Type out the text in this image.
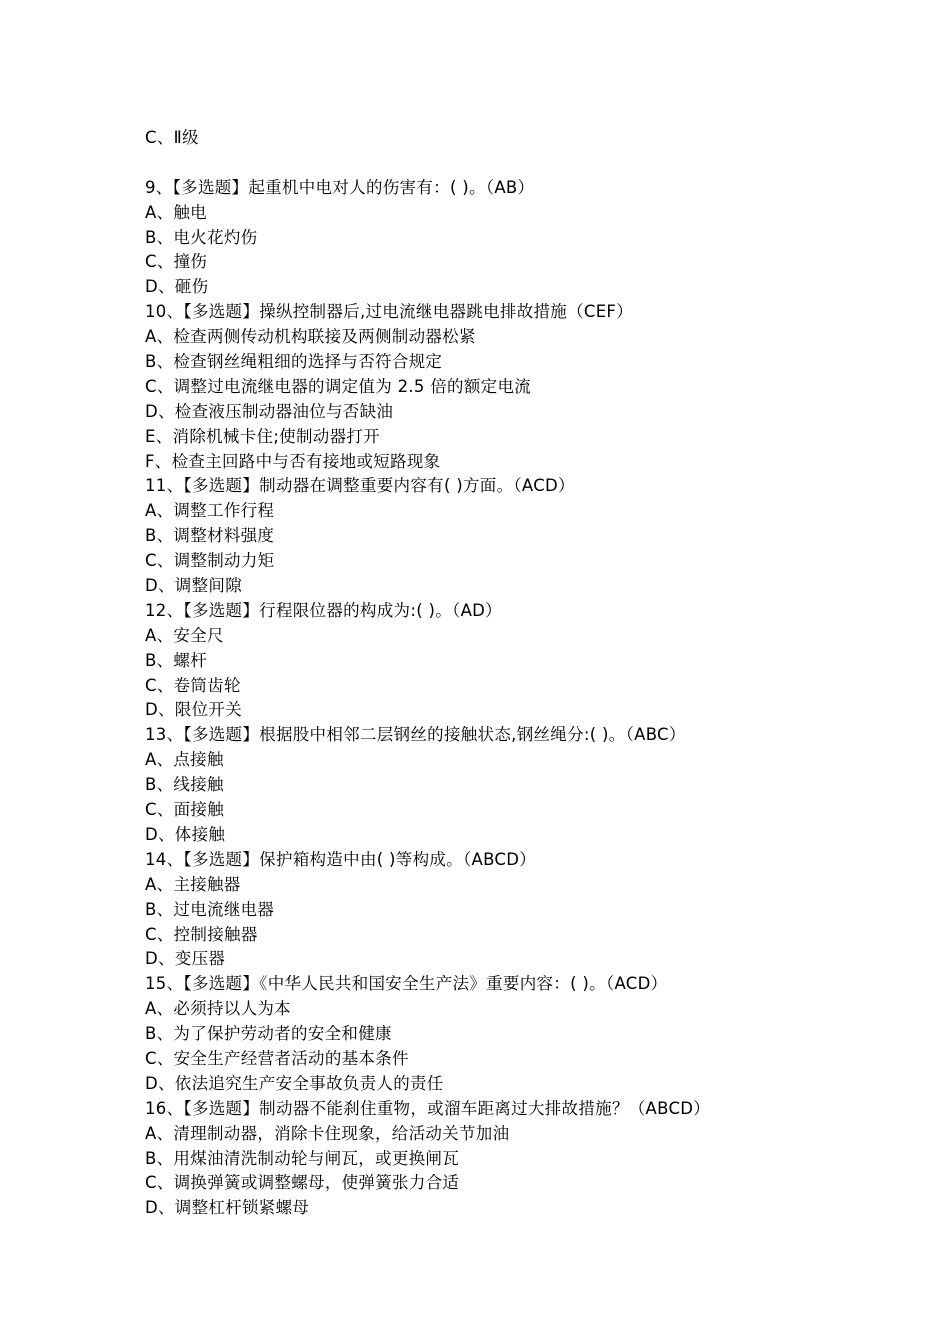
C、Ⅱ级
9、【多选题】起重机中电对人的伤害有：( )。（AB）
A、触电
B、电火花灼伤
C、撞伤
D、砸伤
10、【多选题】操纵控制器后,过电流继电器跳电排故措施（CEF）
A、检查两侧传动机构联接及两侧制动器松紧
B、检查钢丝绳粗细的选择与否符合规定
C、调整过电流继电器的调定值为 2.5 倍的额定电流
D、检查液压制动器油位与否缺油
E、消除机械卡住;使制动器打开
F、检查主回路中与否有接地或短路现象
11、【多选题】制动器在调整重要内容有( )方面。（ACD）
A、调整工作行程
B、调整材料强度
C、调整制动力矩
D、调整间隙
12、【多选题】行程限位器的构成为:( )。（AD）
A、安全尺
B、螺杆
C、卷筒齿轮
D、限位开关
13、【多选题】根据股中相邻二层钢丝的接触状态,钢丝绳分:( )。（ABC）
A、点接触
B、线接触
C、面接触
D、体接触
14、【多选题】保护箱构造中由( )等构成。（ABCD）
A、主接触器
B、过电流继电器
C、控制接触器
D、变压器
15、【多选题】《中华人民共和国安全生产法》重要内容：( )。（ACD）
A、必须持以人为本
B、为了保护劳动者的安全和健康
C、安全生产经营者活动的基本条件
D、依法追究生产安全事故负责人的责任
16、【多选题】制动器不能刹住重物，或溜车距离过大排故措施？（ABCD）
A、清理制动器，消除卡住现象，给活动关节加油
B、用煤油清洗制动轮与闸瓦，或更换闸瓦
C、调换弹簧或调整螺母，使弹簧张力合适
D、调整杠杆锁紧螺母
